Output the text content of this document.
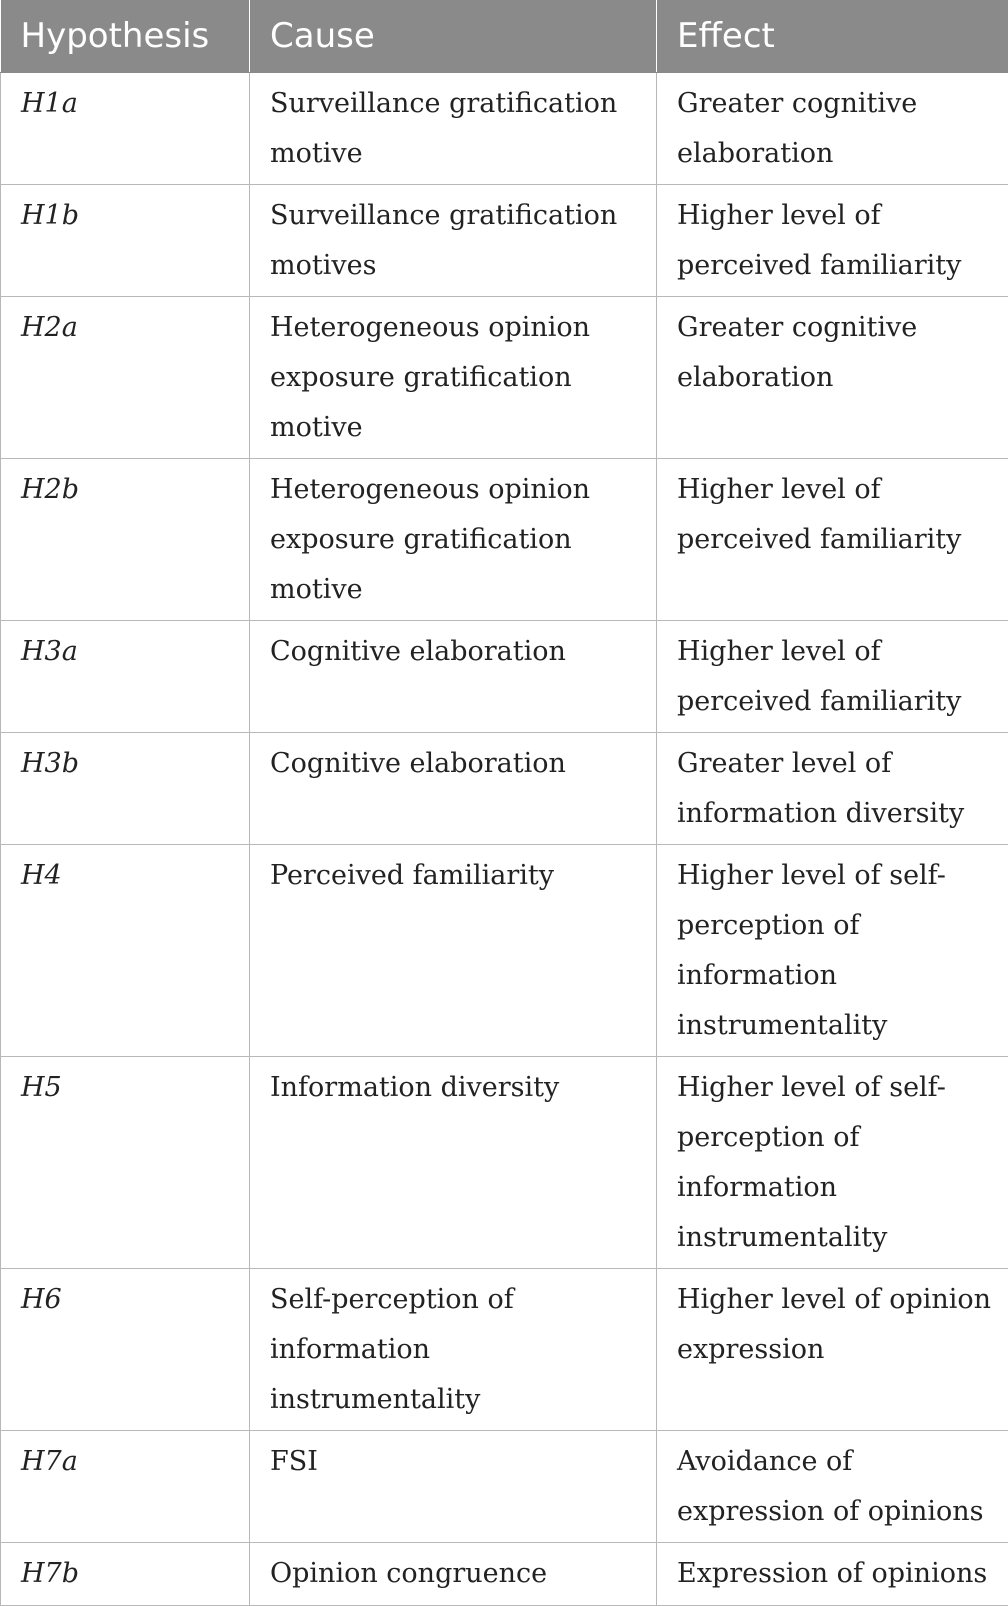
Hypothesis	Cause	Effect
H1a	Surveillance gratification motive	Greater cognitive elaboration
H1b	Surveillance gratification motives	Higher level of perceived familiarity
H2a	Heterogeneous opinion exposure gratification motive	Greater cognitive elaboration
H2b	Heterogeneous opinion exposure gratification motive	Higher level of perceived familiarity
H3a	Cognitive elaboration	Higher level of perceived familiarity
H3b	Cognitive elaboration	Greater level of information diversity
H4	Perceived familiarity	Higher level of self-perception of information instrumentality
H5	Information diversity	Higher level of self-perception of information instrumentality
H6	Self-perception of information instrumentality	Higher level of opinion expression
H7a	FSI	Avoidance of expression of opinions
H7b	Opinion congruence	Expression of opinions
